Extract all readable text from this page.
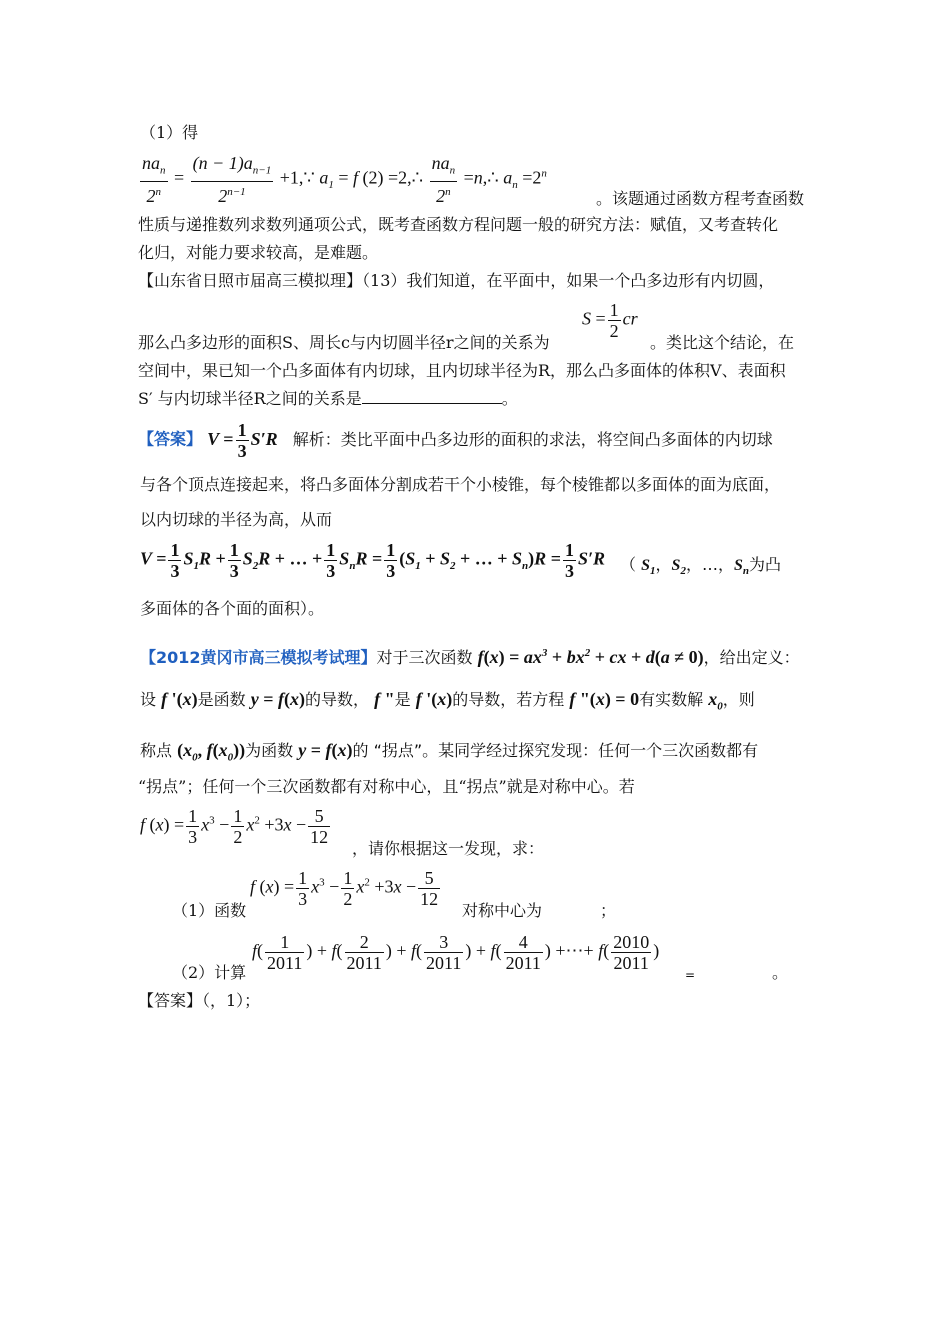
（1）得
$\frac{na_n}{2^n} = \frac{(n - 1)a_{n-1}}{2^{n-1}}$ +1,∵ $a_1 = f$ (2) =2,∴ $\frac{na_n}{2^n}$ =n,∴ $a_n =2^n$
。该题通过函数方程考查函数
性质与递推数列求数列通项公式，既考查函数方程问题一般的研究方法：赋值，又考查转化
化归，对能力要求较高，是难题。
【山东省日照市届高三模拟理】（13）我们知道，在平面中，如果一个凸多边形有内切圆，
$S = \frac{1}{2}$ cr
那么凸多边形的面积S、周长c与内切圆半径r之间的关系为	。类比这个结论，在
空间中，果已知一个凸多面体有内切球，且内切球半径为R，那么凸多面体的体积V、表面积
S′ 与内切球半径R之间的关系是	。
【答案】 $V = \frac{1}{3} S'R$ 解析：类比平面中凸多边形的面积的求法，将空间凸多面体的内切球
与各个顶点连接起来，将凸多面体分割成若干个小棱锥，每个棱锥都以多面体的面为底面，
以内切球的半径为高，从而
$V = \frac{1}{3} S_1R + \frac{1}{3} S_2R$ + … + $\frac{1}{3} S_nR = \frac{1}{3} (S_1 + S_2$ + … + $S_n)R = \frac{1}{3} S'R$ （ $S_1$，$S_2$，…，$S_n$为凸
多面体的各个面的面积）。
【2012黄冈市高三模拟考试理】对于三次函数 $f(x) = ax^3 + bx^2$ + cx + d(a ≠ 0)，给出定义：
设 f '(x)是函数 y = f(x)的导数， f "是 f '(x)的导数，若方程 f "(x) = 0有实数解 $x_0$，则
称点 ($x_0$, $f(x_0)$)为函数 y = f(x)的 “拐点”。某同学经过探究发现：任何一个三次函数都有
“拐点”；任何一个三次函数都有对称中心，且“拐点”就是对称中心。若
f $(x) = \frac{1}{3} x^3 - \frac{1}{2} x^2 +3x - \frac{5}{12}$
，请你根据这一发现，求：
（1）函数
f $(x) = \frac{1}{3} x^3 - \frac{1}{2} x^2 +3x - \frac{5}{12}$
对称中心为	；
（2）计算
$f( \frac{1}{2011}$ ) + $f( \frac{2}{2011}$ ) + $f( \frac{3}{2011}$ ) + $f( \frac{4}{2011}$ ) +⋯+ $f( \frac{2010}{2011}$ )
=	。
【答案】（，1）；
